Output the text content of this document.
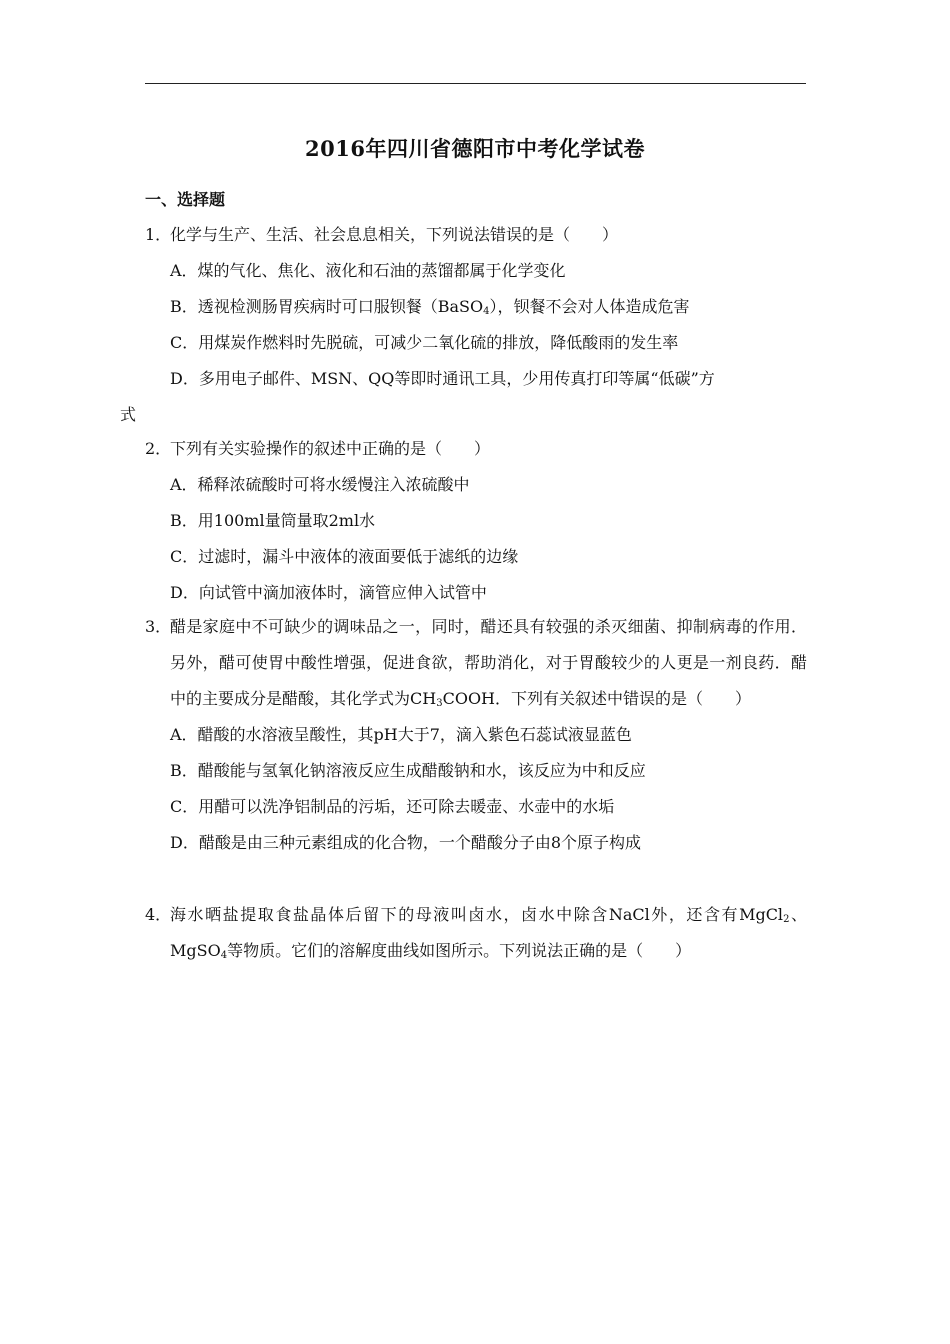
2016年四川省德阳市中考化学试卷
一、选择题
1．
化学与生产、生活、社会息息相关，下列说法错误的是（　　）
A．煤的气化、焦化、液化和石油的蒸馏都属于化学变化
B．透视检测肠胃疾病时可口服钡餐（BaSO$_4$），钡餐不会对人体造成危害
C．用煤炭作燃料时先脱硫，可减少二氧化硫的排放，降低酸雨的发生率
D．多用电子邮件、MSN、QQ等即时通讯工具，少用传真打印等属“低碳”方
式
2．
下列有关实验操作的叙述中正确的是（　　）
A．稀释浓硫酸时可将水缓慢注入浓硫酸中
B．用100ml量筒量取2ml水
C．过滤时，漏斗中液体的液面要低于滤纸的边缘
D．向试管中滴加液体时，滴管应伸入试管中
3．
醋是家庭中不可缺少的调味品之一，同时，醋还具有较强的杀灭细菌、抑制病毒的作用．另外，醋可使胃中酸性增强，促进食欲，帮助消化，对于胃酸较少的人更是一剂良药．醋中的主要成分是醋酸，其化学式为$CH_3COOH$．下列有关叙述中错误的是（　　）
A．醋酸的水溶液呈酸性，其pH大于7，滴入紫色石蕊试液显蓝色
B．醋酸能与氢氧化钠溶液反应生成醋酸钠和水，该反应为中和反应
C．用醋可以洗净铝制品的污垢，还可除去暖壶、水壶中的水垢
D．醋酸是由三种元素组成的化合物，一个醋酸分子由8个原子构成
4．
海水晒盐提取食盐晶体后留下的母液叫卤水，卤水中除含NaCl外，还含有MgCl$_2$、MgSO$_4$等物质。它们的溶解度曲线如图所示。下列说法正确的是（　　）
